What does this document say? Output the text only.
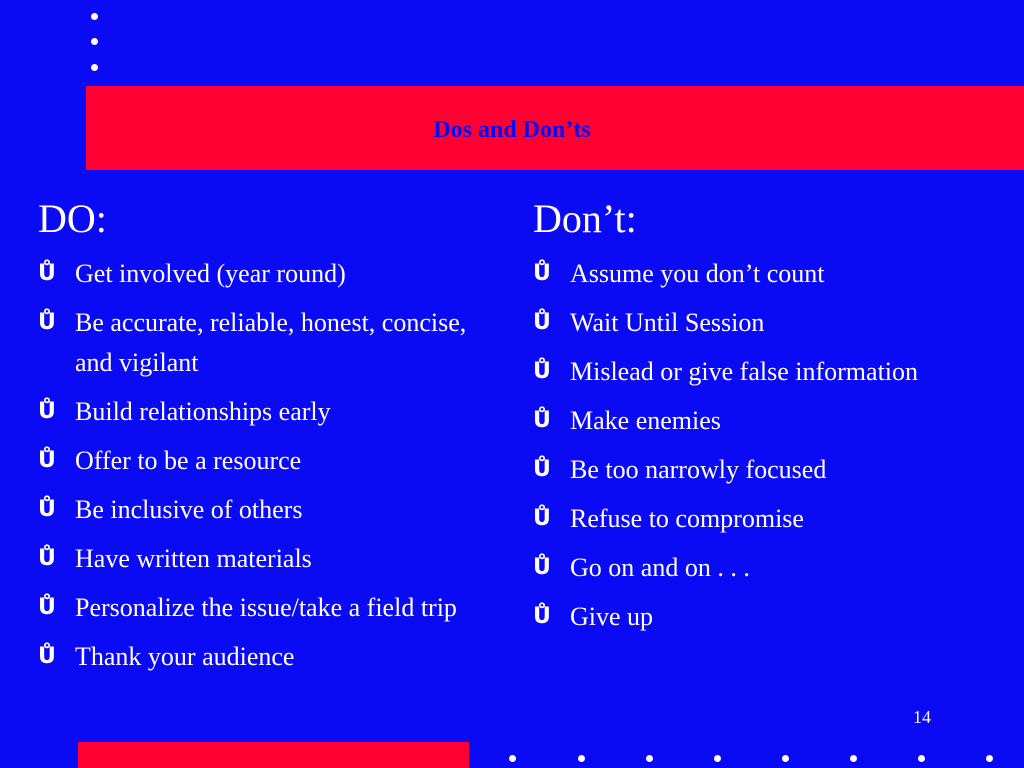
Dos and Don’ts
DO:
Ů Get involved (year round)
Ů Be accurate, reliable, honest, concise, and vigilant
Ů Build relationships early
Ů Offer to be a resource
Ů Be inclusive of others
Ů Have written materials
Ů Personalize the issue/take a field trip
Ů Thank your audience
Don’t:
Ů Assume you don’t count
Ů Wait Until Session
Ů Mislead or give false information
Ů Make enemies
Ů Be too narrowly focused
Ů Refuse to compromise
Ů Go on and on . . .
Ů Give up
14
